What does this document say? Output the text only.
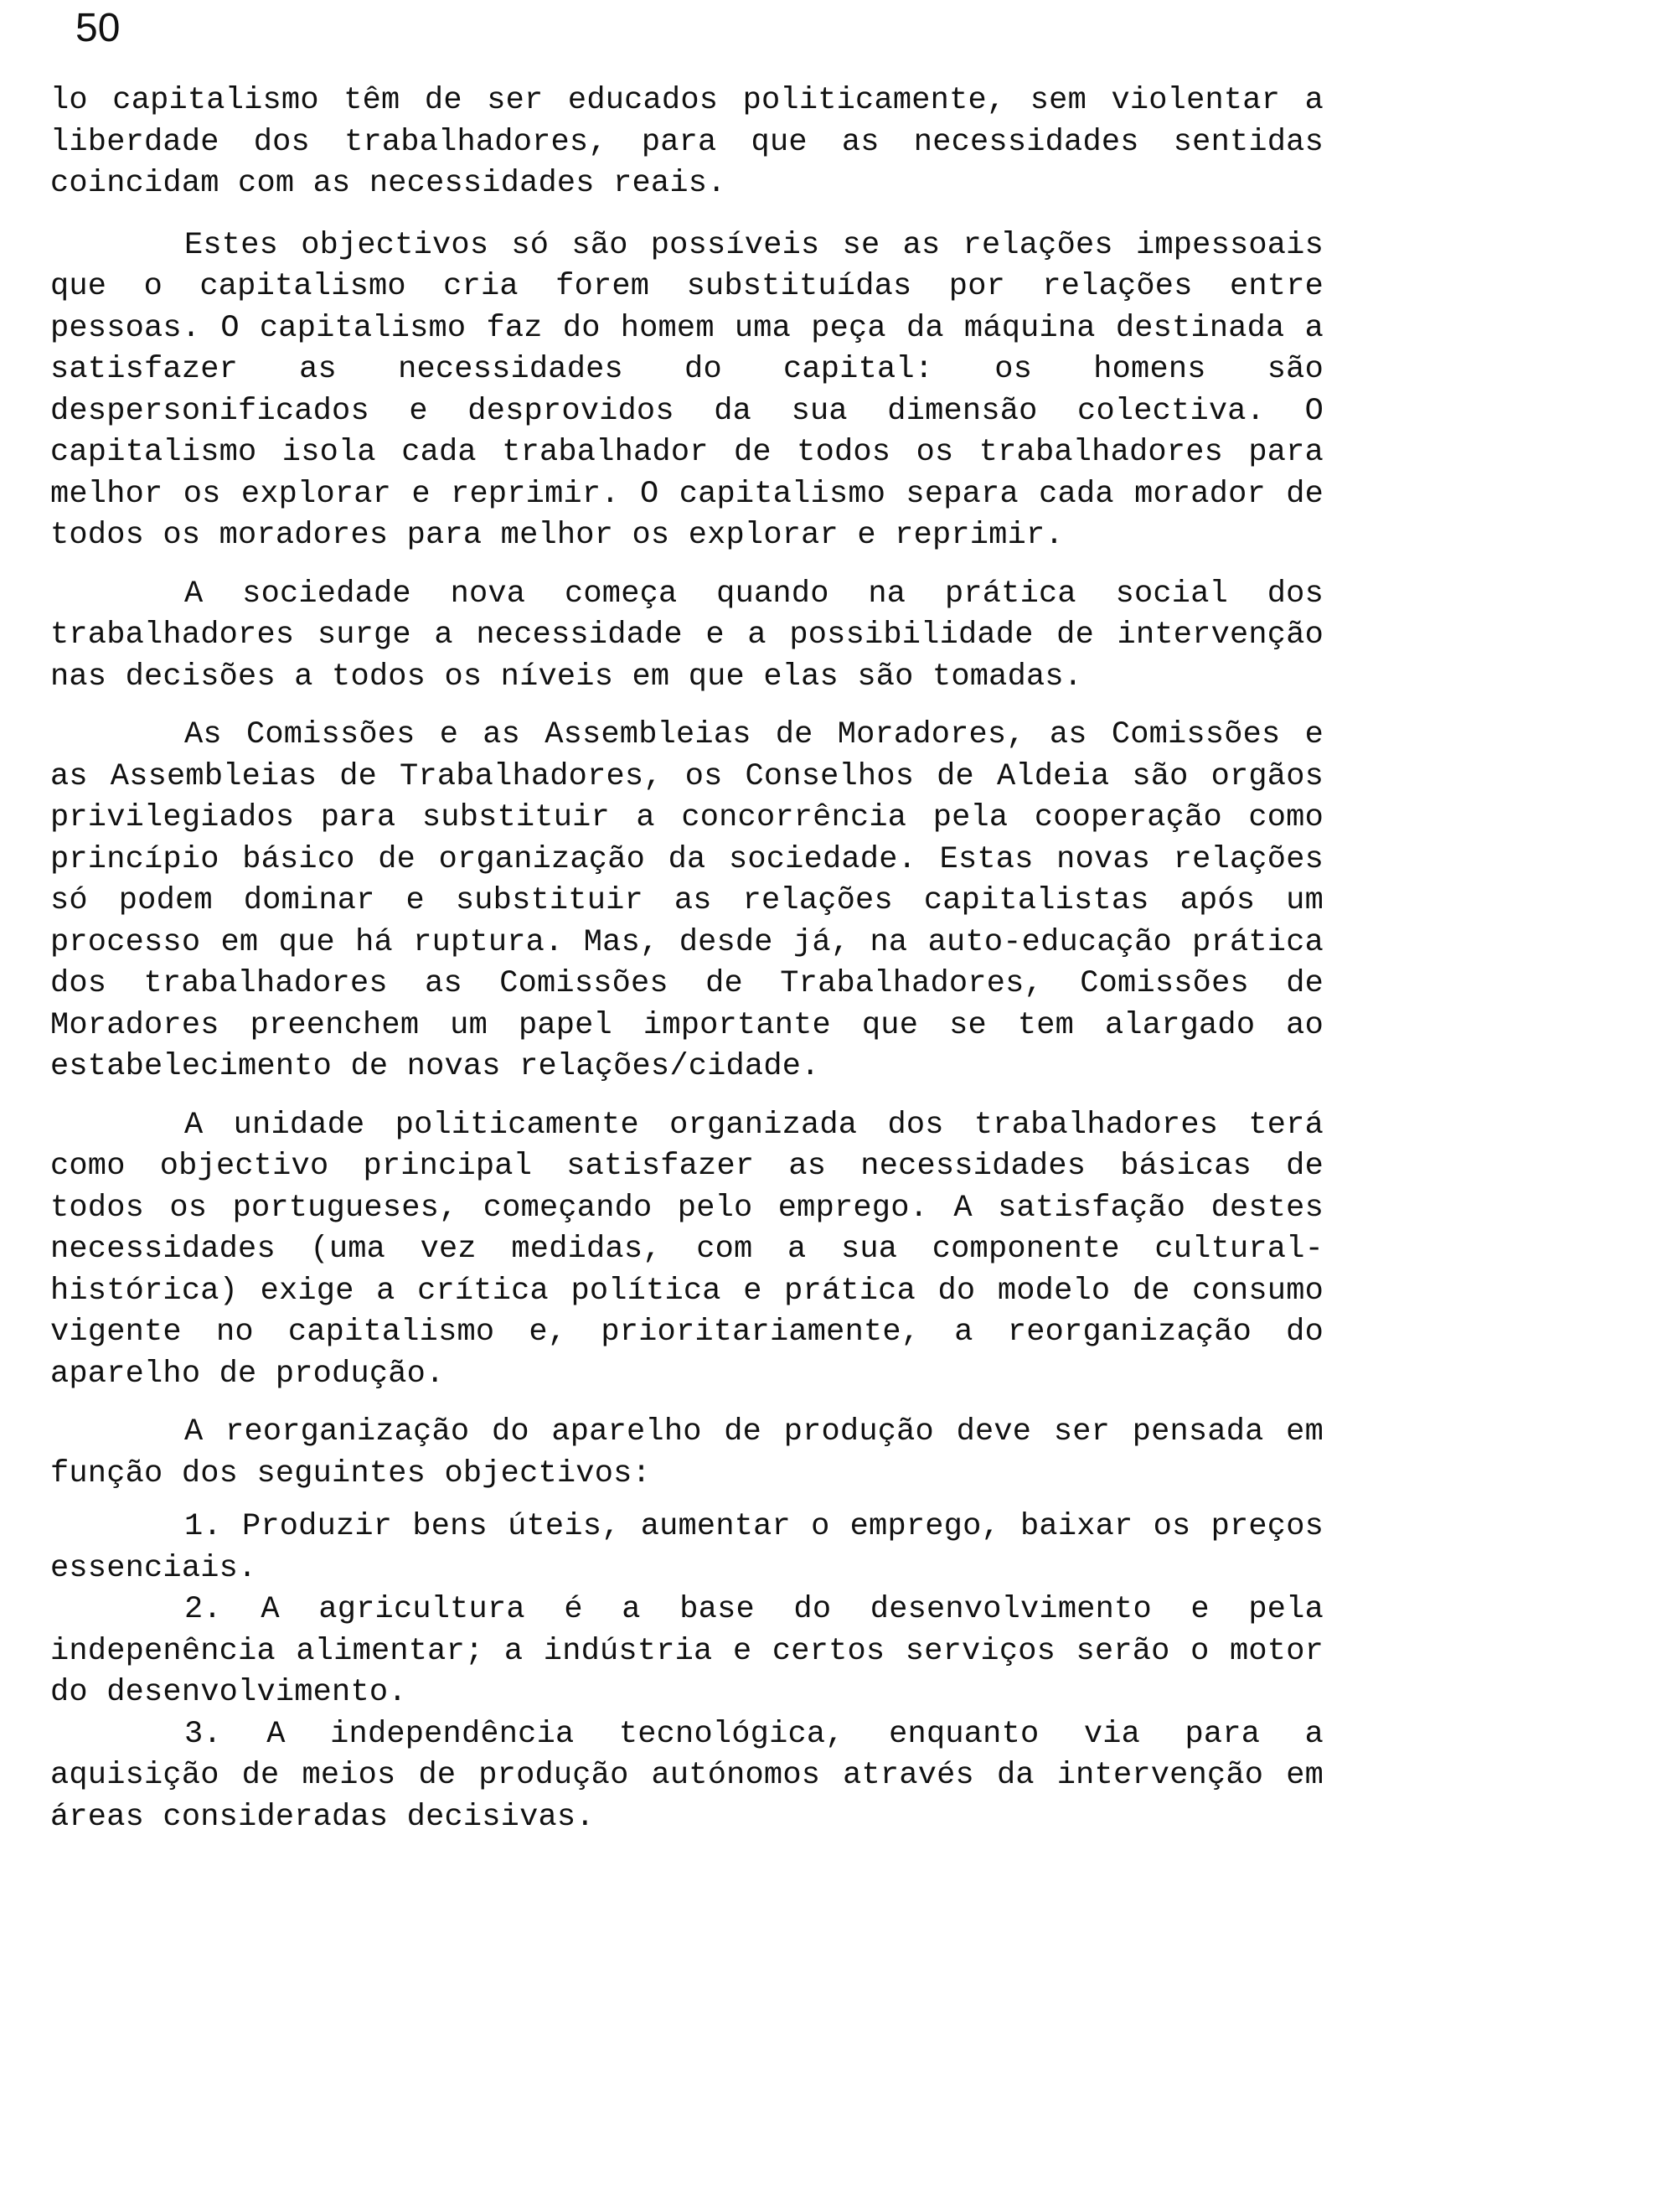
50

lo capitalismo têm de ser educados politicamente, sem violentar a liberdade dos trabalhadores, para que as necessidades sentidas coincidam com as necessidades reais.

Estes objectivos só são possíveis se as relações impessoais que o capitalismo cria forem substituídas por relações entre pessoas. O capitalismo faz do homem uma peça da máquina destinada a satisfazer as necessidades do capital: os homens são despersonificados e desprovidos da sua dimensão colectiva. O capitalismo isola cada trabalhador de todos os trabalhadores para melhor os explorar e reprimir. O capitalismo separa cada morador de todos os moradores para melhor os explorar e reprimir.

A sociedade nova começa quando na prática social dos trabalhadores surge a necessidade e a possibilidade de intervenção nas decisões a todos os níveis em que elas são tomadas.

As Comissões e as Assembleias de Moradores, as Comissões e as Assembleias de Trabalhadores, os Conselhos de Aldeia são orgãos privilegiados para substituir a concorrência pela cooperação como princípio básico de organização da sociedade. Estas novas relações só podem dominar e substituir as relações capitalistas após um processo em que há ruptura. Mas, desde já, na auto-educação prática dos trabalhadores as Comissões de Trabalhadores, Comissões de Moradores preenchem um papel importante que se tem alargado ao estabelecimento de novas relações/cidade.

A unidade politicamente organizada dos trabalhadores terá como objectivo principal satisfazer as necessidades básicas de todos os portugueses, começando pelo emprego. A satisfação destes necessidades (uma vez medidas, com a sua componente cultural-histórica) exige a crítica política e prática do modelo de consumo vigente no capitalismo e, prioritariamente, a reorganização do aparelho de produção.

A reorganização do aparelho de produção deve ser pensada em função dos seguintes objectivos:

1. Produzir bens úteis, aumentar o emprego, baixar os preços essenciais.

2. A agricultura é a base do desenvolvimento e pela indepenência alimentar; a indústria e certos serviços serão o motor do desenvolvimento.

3. A independência tecnológica, enquanto via para a aquisição de meios de produção autónomos através da intervenção em áreas consideradas decisivas.
